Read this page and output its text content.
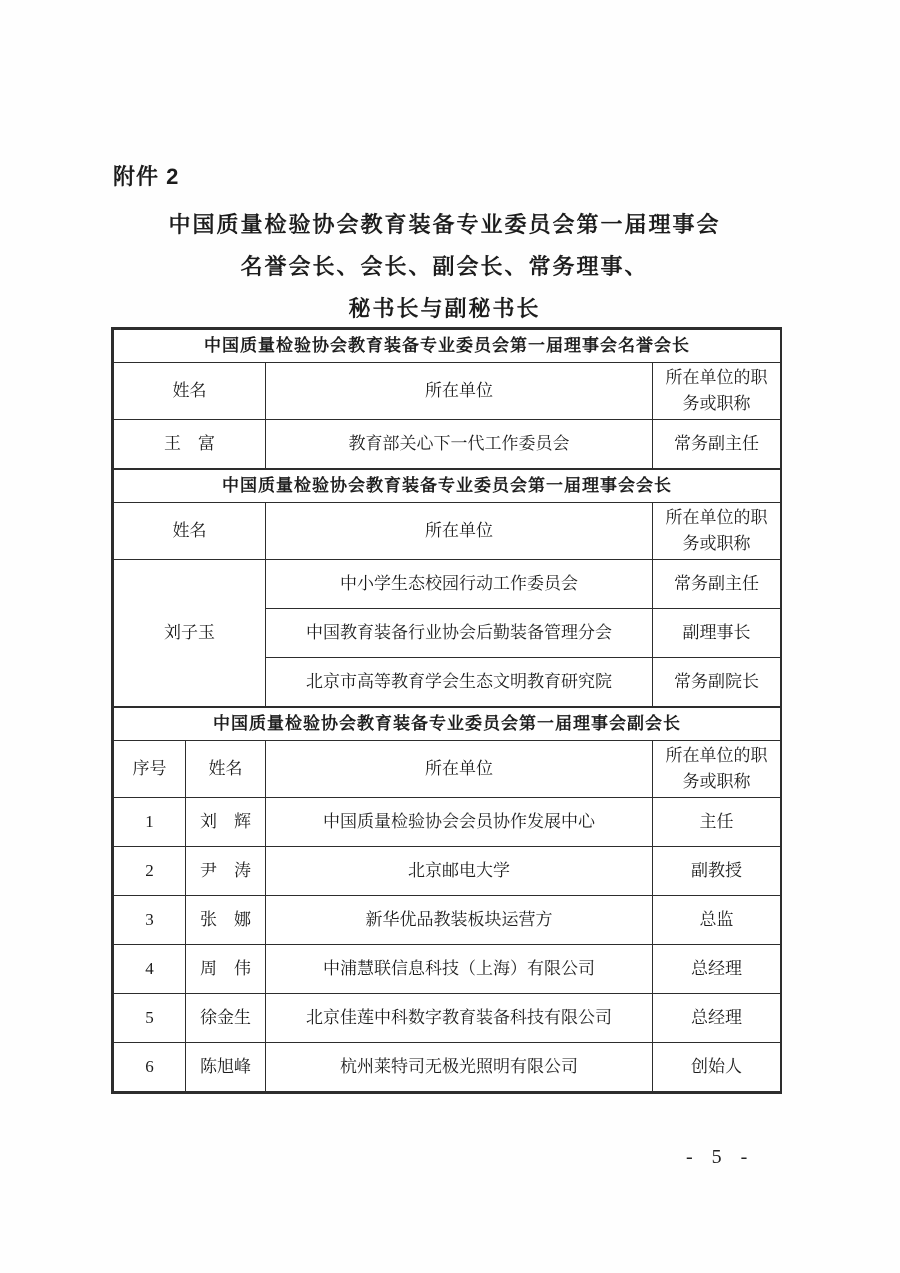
附件 2
中国质量检验协会教育装备专业委员会第一届理事会
名誉会长、会长、副会长、常务理事、
秘书长与副秘书长
中国质量检验协会教育装备专业委员会第一届理事会名誉会长		
姓名	所在单位	所在单位的职务或职称
王　富	教育部关心下一代工作委员会	常务副主任
中国质量检验协会教育装备专业委员会第一届理事会会长		
姓名	所在单位	所在单位的职务或职称
刘子玉	中小学生态校园行动工作委员会	常务副主任
	中国教育装备行业协会后勤装备管理分会	副理事长
	北京市高等教育学会生态文明教育研究院	常务副院长
中国质量检验协会教育装备专业委员会第一届理事会副会长			
序号	姓名	所在单位	所在单位的职务或职称
1	刘　辉	中国质量检验协会会员协作发展中心	主任
2	尹　涛	北京邮电大学	副教授
3	张　娜	新华优品教装板块运营方	总监
4	周　伟	中浦慧联信息科技（上海）有限公司	总经理
5	徐金生	北京佳莲中科数字教育装备科技有限公司	总经理
6	陈旭峰	杭州莱特司无极光照明有限公司	创始人
- 5 -
